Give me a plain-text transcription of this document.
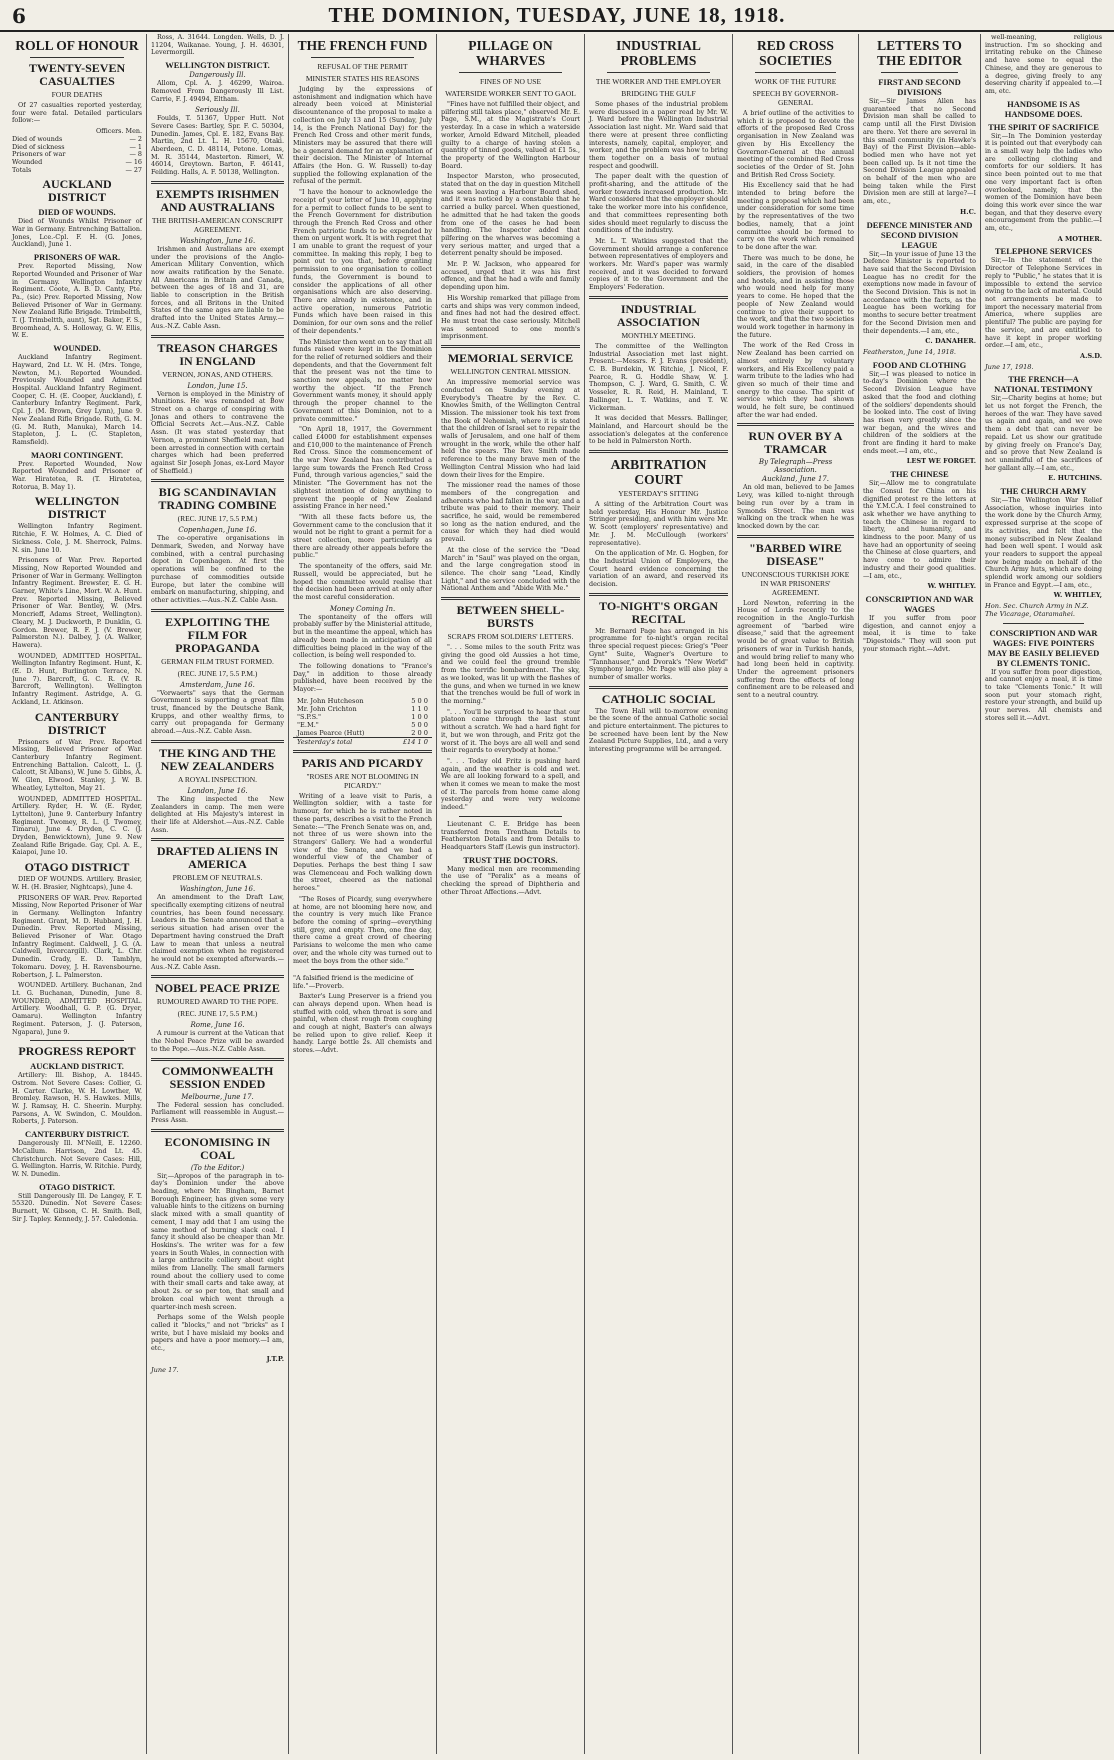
6	THE DOMINION, TUESDAY, JUNE 18, 1918.
ROLL OF HONOUR
TWENTY-SEVEN CASUALTIES
FOUR DEATHS

Of 27 casualties reported yesterday, four were fatal. Detailed particulars follow:—

Officers. Men.
Died of wounds	— 2
Died of sickness	— 1
Prisoners of war	— 8
Wounded	— 16
Totals	— 27
AUCKLAND DISTRICT
DIED OF WOUNDS.

Died of Wounds Whilst Prisoner of War in Germany. Entrenching Battalion. Jones, Lce.-Cpl. F. H. (G. Jones, Auckland), June 1.

PRISONERS OF WAR.

Prev. Reported Missing, Now Reported Wounded and Prisoner of War in Germany. Wellington Infantry Regiment. Coote, A. B. D. Canty, Pte. Pa., (sic) Prev. Reported Missing, Now Believed Prisoner of War in Germany. New Zealand Rifle Brigade. Trimbeltth, T. (J. Trimbeltth, aunt), Sgt. Baker, F. S., Broomhead, A. S. Holloway, G. W. Ellis, W. E.

WOUNDED.

Auckland Infantry Regiment. Hayward, 2nd Lt. W. H. (Mrs. Tonge, Newton, M.). Reported Wounded. Previously Wounded and Admitted Hospital. Auckland Infantry Regiment. Cooper, C. H. (E. Cooper, Auckland), f. Canterbury Infantry Regiment. Park, Cpl. J. (M. Brown, Grey Lynn), June 9. New Zealand Rifle Brigade. Ruth, G. M. (G. M. Ruth, Manuka), March 14. Stapleton, J. L. (C. Stapleton, Ramsfield).

MAORI CONTINGENT.

Prev. Reported Wounded, Now Reported Wounded and Prisoner of War. Hiratetea, R. (T. Hiratetea, Rotorua, B. May 1).

WELLINGTON DISTRICT

Wellington Infantry Regiment. Ritchie, F. W. Holmes, A. C. Died of Sickness. Cole, J. M. Sherrock, Palms. N. sin. June 10.

Prisoners of War. Prev. Reported Missing, Now Reported Wounded and Prisoner of War in Germany. Wellington Infantry Regiment. Brewster, E. G. H. Garner, White's Line, Mort. W. A. Hunt. Prev. Reported Missing, Believed Prisoner of War. Bentley, W. (Mrs. Moncrieff, Adams Street, Wellington). Cleary, M. J. Duckworth, P. Dunklin, G. Gordon. Brewer, R. F. J. (V. Brewer, Palmerston N.). Dalbey, J. (A. Walker, Hawera).

WOUNDED, ADMITTED HOSPITAL. Wellington Infantry Regiment. Hunt, K. (E. D. Hunt, Burlington Terrace, N. June 7). Barcroft, G. C. R. (V. R. Barcroft, Wellington). Wellington Infantry Regiment. Astridge, A. G. Ackland, Lt. Atkinson.

CANTERBURY DISTRICT

Prisoners of War. Prev. Reported Missing, Believed Prisoner of War. Canterbury Infantry Regiment. Entrenching Battalion. Calcott, L. (J. Calcott, St Albans), W. June 5. Gibbs, A. W. Glen, Elwood. Stanley, J. W. B. Wheatley, Lyttelton, May 21.

WOUNDED, ADMITTED HOSPITAL. Artillery. Ryder, H. W. (E. Ryder, Lyttelton), June 9. Canterbury Infantry Regiment. Twomey, R. L. (J. Twomey, Timaru), June 4. Dryden, C. C. (J. Dryden, Benwicktown), June 9. New Zealand Rifle Brigade. Gay, Cpl. A. E., Kaiapoi, June 10.

OTAGO DISTRICT

DIED OF WOUNDS. Artillery. Brasier, W. H. (H. Brasier, Nightcaps), June 4.

PRISONERS OF WAR. Prev. Reported Missing, Now Reported Prisoner of War in Germany. Wellington Infantry Regiment. Grant, M. D. Hubbard, J. H. Dunedin. Prev. Reported Missing, Believed Prisoner of War. Otago Infantry Regiment. Caldwell, J. G. (A. Caldwell, Invercargill). Clark, L. Chr. Dunedin. Crady, E. D. Tamblyn, Tokomaru. Dovey, J. H. Ravensbourne. Robertson, J. L. Palmerston.

WOUNDED. Artillery. Buchanan, 2nd Lt. G. Buchanan, Dunedin, June 8. WOUNDED, ADMITTED HOSPITAL. Artillery. Woodhall, G. P. (G. Dryer, Oamaru). Wellington Infantry Regiment. Paterson, J. (J. Paterson, Ngapara), June 9.

PROGRESS REPORT
AUCKLAND DISTRICT.

Artillery: Ill. Bishop, A. 18445. Ostrom. Not Severe Cases: Collier, G. H. Carter. Clarke, W. H. Lowther, W. Bromley. Rawson, H. S. Hawkes. Mills, W. J. Ramsay, H. C. Sheerin. Murphy. Parsons, A. W. Swindon, C. Mouldon. Roberts, J. Paterson.

CANTERBURY DISTRICT.

Dangerously Ill. M'Neill, E. 12260. McCallum. Harrison, 2nd Lt. 45. Christchurch. Not Severe Cases: Hill, G. Wellington. Harris, W. Ritchie. Purdy, W. N. Dunedin.

OTAGO DISTRICT.

Still Dangerously Ill. De Langey, F. T. 55320. Dunedin. Not Severe Cases: Burnett, W. Gibson, C. H. Smith. Bell, Sir J. Tapley. Kennedy, J. 57. Caledonia.

Ross, A. 31644. Longden. Wells, D. J. 11204, Waikanae. Young, J. H. 46301, Levermorgill.

WELLINGTON DISTRICT.
Dangerously Ill.

Allom, Cpl. A. J. 46299, Wairoa. Removed From Dangerously Ill List. Carrie, F. J. 49494, Eltham.

Seriously Ill.

Foulds, T. 51367, Upper Hutt. Not Severe Cases: Bartley, Spr. F. C. 50304, Dunedin. James, Cpl. E. 182, Evans Bay. Martin, 2nd Lt. L. H. 15670, Otaki. Aberdeen, C. D. 48114, Petone. Lomas, M. R. 35144, Masterton. Rimeri, W. 46014, Greytown. Barton, F. 46141, Feilding. Halls, A. F. 50138, Wellington.

EXEMPTS IRISHMEN AND AUSTRALIANS
THE BRITISH-AMERICAN CONSCRIPT AGREEMENT.
Washington, June 16.

Irishmen and Australians are exempt under the provisions of the Anglo-American Military Convention, which now awaits ratification by the Senate. All Americans in Britain and Canada, between the ages of 18 and 31, are liable to conscription in the British forces, and all Britons in the United States of the same ages are liable to be drafted into the United States Army.—Aus.-N.Z. Cable Assn.

TREASON CHARGES IN ENGLAND
VERNON, JONAS, AND OTHERS.
London, June 15.

Vernon is employed in the Ministry of Munitions. He was remanded at Bow Street on a charge of conspiring with Jonas and others to contravene the Official Secrets Act.—Aus.-N.Z. Cable Assn. (It was stated yesterday that Vernon, a prominent Sheffield man, had been arrested in connection with certain charges which had been preferred against Sir Joseph Jonas, ex-Lord Mayor of Sheffield.)

BIG SCANDINAVIAN TRADING COMBINE
(REC. JUNE 17, 5.5 P.M.)
Copenhagen, June 16.

The co-operative organisations in Denmark, Sweden, and Norway have combined, with a central purchasing depot in Copenhagen. At first the operations will be confined to the purchase of commodities outside Europe, but later the combine will embark on manufacturing, shipping, and other activities.—Aus.-N.Z. Cable Assn.

EXPLOITING THE FILM FOR PROPAGANDA
GERMAN FILM TRUST FORMED.
(REC. JUNE 17, 5.5 P.M.)
Amsterdam, June 16.

"Vorwaerts" says that the German Government is supporting a great film trust, financed by the Deutsche Bank, Krupps, and other wealthy firms, to carry out propaganda for Germany abroad.—Aus.-N.Z. Cable Assn.

THE KING AND THE NEW ZEALANDERS
A ROYAL INSPECTION.
London, June 16.

The King inspected the New Zealanders in camp. The men were delighted at His Majesty's interest in their life at Aldershot.—Aus.-N.Z. Cable Assn.

DRAFTED ALIENS IN AMERICA
PROBLEM OF NEUTRALS.
Washington, June 16.

An amendment to the Draft Law, specifically exempting citizens of neutral countries, has been found necessary. Leaders in the Senate announced that a serious situation had arisen over the Department having construed the Draft Law to mean that unless a neutral claimed exemption when he registered he would not be exempted afterwards.—Aus.-N.Z. Cable Assn.

NOBEL PEACE PRIZE
RUMOURED AWARD TO THE POPE.
(REC. JUNE 17, 5.5 P.M.)
Rome, June 16.

A rumour is current at the Vatican that the Nobel Peace Prize will be awarded to the Pope.—Aus.-N.Z. Cable Assn.

COMMONWEALTH SESSION ENDED
Melbourne, June 17.

The Federal session has concluded. Parliament will reassemble in August.—Press Assn.

ECONOMISING IN COAL
(To the Editor.)

Sir,—Apropos of the paragraph in to-day's Dominion under the above heading, where Mr. Bingham, Barnet Borough Engineer, has given some very valuable hints to the citizens on burning slack mixed with a small quantity of cement, I may add that I am using the same method of burning slack coal. I fancy it should also be cheaper than Mr. Hoskins's. The writer was for a few years in South Wales, in connection with a large anthracite colliery about eight miles from Llanelly. The small farmers round about the colliery used to come with their small carts and take away, at about 2s. or so per ton, that small and broken coal which went through a quarter-inch mesh screen.

Perhaps some of the Welsh people called it "blocks," and not "bricks" as I write, but I have mislaid my books and papers and have a poor memory.—I am, etc.,

J.T.P.

June 17.

THE FRENCH FUND
REFUSAL OF THE PERMIT
MINISTER STATES HIS REASONS

Judging by the expressions of astonishment and indignation which have already been voiced at Ministerial discountenance of the proposal to make a collection on July 13 and 15 (Sunday, July 14, is the French National Day) for the French Red Cross and other merit funds, Ministers may be assured that there will be a general demand for an explanation of their decision. The Minister of Internal Affairs (the Hon. G. W. Russell) to-day supplied the following explanation of the refusal of the permit.

"I have the honour to acknowledge the receipt of your letter of June 10, applying for a permit to collect funds to be sent to the French Government for distribution through the French Red Cross and other French patriotic funds to be expended by them on urgent work. It is with regret that I am unable to grant the request of your committee. In making this reply, I beg to point out to you that, before granting permission to one organisation to collect funds, the Government is bound to consider the applications of all other organisations which are also deserving. There are already in existence, and in active operation, numerous Patriotic Funds which have been raised in this Dominion, for our own sons and the relief of their dependents."

The Minister then went on to say that all funds raised were kept in the Dominion for the relief of returned soldiers and their dependents, and that the Government felt that the present was not the time to sanction new appeals, no matter how worthy the object. "If the French Government wants money, it should apply through the proper channel to the Government of this Dominion, not to a private committee."

"On April 18, 1917, the Government called £4000 for establishment expenses and £10,000 to the maintenance of French Red Cross. Since the commencement of the war New Zealand has contributed a large sum towards the French Red Cross Fund, through various agencies," said the Minister. "The Government has not the slightest intention of doing anything to prevent the people of New Zealand assisting France in her need."

"With all these facts before us, the Government came to the conclusion that it would not be right to grant a permit for a street collection, more particularly as there are already other appeals before the public."

The spontaneity of the offers, said Mr. Russell, would be appreciated, but he hoped the committee would realise that the decision had been arrived at only after the most careful consideration.

Money Coming In.

The spontaneity of the offers will probably suffer by the Ministerial attitude, but in the meantime the appeal, which has already been made in anticipation of all difficulties being placed in the way of the collection, is being well responded to.

The following donations to "France's Day," in addition to those already published, have been received by the Mayor:—

Mr. John Hutcheson	5 0 0
Mr. John Crichton	1 1 0
"S.P.S."	1 0 0
"E.M."	5 0 0
James Pearce (Hutt)	2 0 0
Yesterday's total	£14 1 0
PARIS AND PICARDY
"ROSES ARE NOT BLOOMING IN PICARDY."

Writing of a leave visit to Paris, a Wellington soldier, with a taste for humour, for which he is rather noted in these parts, describes a visit to the French Senate:—"The French Senate was on, and, not three of us were shown into the Strangers' Gallery. We had a wonderful view of the Senate, and we had a wonderful view of the Chamber of Deputies. Perhaps the best thing I saw was Clemenceau and Foch walking down the street, cheered as the national heroes."

"The Roses of Picardy, sung everywhere at home, are not blooming here now, and the country is very much like France before the coming of spring—everything still, grey, and empty. Then, one fine day, there came a great crowd of cheering Parisians to welcome the men who came over, and the whole city was turned out to meet the boys from the other side."

"A falsified friend is the medicine of life."—Proverb.

Baxter's Lung Preserver is a friend you can always depend upon. When head is stuffed with cold, when throat is sore and painful, when chest rough from coughing and cough at night, Baxter's can always be relied upon to give relief. Keep it handy. Large bottle 2s. All chemists and stores.—Advt.

PILLAGE ON WHARVES
FINES OF NO USE
WATERSIDE WORKER SENT TO GAOL

"Fines have not fulfilled their object, and pilfering still takes place," observed Mr. E. Page, S.M., at the Magistrate's Court yesterday. In a case in which a waterside worker, Arnold Edward Mitchell, pleaded guilty to a charge of having stolen a quantity of tinned goods, valued at £1 5s., the property of the Wellington Harbour Board.

Inspector Marston, who prosecuted, stated that on the day in question Mitchell was seen leaving a Harbour Board shed, and it was noticed by a constable that he carried a bulky parcel. When questioned, he admitted that he had taken the goods from one of the cases he had been handling. The Inspector added that pilfering on the wharves was becoming a very serious matter, and urged that a deterrent penalty should be imposed.

Mr. P. W. Jackson, who appeared for accused, urged that it was his first offence, and that he had a wife and family depending upon him.

His Worship remarked that pillage from carts and ships was very common indeed, and fines had not had the desired effect. He must treat the case seriously. Mitchell was sentenced to one month's imprisonment.

MEMORIAL SERVICE
WELLINGTON CENTRAL MISSION.

An impressive memorial service was conducted on Sunday evening at Everybody's Theatre by the Rev. C. Knowles Smith, of the Wellington Central Mission. The missioner took his text from the Book of Nehemiah, where it is stated that the children of Israel set to repair the walls of Jerusalem, and one half of them wrought in the work, while the other half held the spears. The Rev. Smith made reference to the many brave men of the Wellington Central Mission who had laid down their lives for the Empire.

The missioner read the names of those members of the congregation and adherents who had fallen in the war, and a tribute was paid to their memory. Their sacrifice, he said, would be remembered so long as the nation endured, and the cause for which they had died would prevail.

At the close of the service the "Dead March" in "Saul" was played on the organ, and the large congregation stood in silence. The choir sang "Lead, Kindly Light," and the service concluded with the National Anthem and "Abide With Me."

BETWEEN SHELL-BURSTS
SCRAPS FROM SOLDIERS' LETTERS.

". . . Some miles to the south Fritz was giving the good old Aussies a hot time, and we could feel the ground tremble from the terrific bombardment. The sky, as we looked, was lit up with the flashes of the guns, and when we turned in we knew that the trenches would be full of work in the morning."

". . . You'll be surprised to hear that our platoon came through the last stunt without a scratch. We had a hard fight for it, but we won through, and Fritz got the worst of it. The boys are all well and send their regards to everybody at home."

". . . Today old Fritz is pushing hard again, and the weather is cold and wet. We are all looking forward to a spell, and when it comes we mean to make the most of it. The parcels from home came along yesterday and were very welcome indeed."

Lieutenant C. E. Bridge has been transferred from Trentham Details to Featherston Details and from Details to Headquarters Staff (Lewis gun instructor).

TRUST THE DOCTORS.

Many medical men are recommending the use of "Peralix" as a means of checking the spread of Diphtheria and other Throat Affections.—Advt.

INDUSTRIAL PROBLEMS
THE WORKER AND THE EMPLOYER
BRIDGING THE GULF

Some phases of the industrial problem were discussed in a paper read by Mr. W. J. Ward before the Wellington Industrial Association last night. Mr. Ward said that there were at present three conflicting interests, namely, capital, employer, and worker, and the problem was how to bring them together on a basis of mutual respect and goodwill.

The paper dealt with the question of profit-sharing, and the attitude of the worker towards increased production. Mr. Ward considered that the employer should take the worker more into his confidence, and that committees representing both sides should meet regularly to discuss the conditions of the industry.

Mr. L. T. Watkins suggested that the Government should arrange a conference between representatives of employers and workers. Mr. Ward's paper was warmly received, and it was decided to forward copies of it to the Government and the Employers' Federation.

INDUSTRIAL ASSOCIATION
MONTHLY MEETING.

The committee of the Wellington Industrial Association met last night. Present:—Messrs. F. J. Evans (president), C. B. Burdekin, W. Ritchie, J. Nicol, F. Pearce, R. G. Hoddle Shaw, W. J. Thompson, C. J. Ward, G. Smith, C. W. Vosseler, R. R. Reid, H. Mainland, T. Ballinger, L. T. Watkins, and T. W. Vickerman.

It was decided that Messrs. Ballinger, Mainland, and Harcourt should be the association's delegates at the conference to be held in Palmerston North.

ARBITRATION COURT
YESTERDAY'S SITTING

A sitting of the Arbitration Court was held yesterday, His Honour Mr. Justice Stringer presiding, and with him were Mr. W. Scott (employers' representative) and Mr. J. M. McCullough (workers' representative).

On the application of Mr. G. Hogben, for the Industrial Union of Employers, the Court heard evidence concerning the variation of an award, and reserved its decision.

TO-NIGHT'S ORGAN RECITAL

Mr. Bernard Page has arranged in his programme for to-night's organ recital three special request pieces: Grieg's "Peer Gynt" Suite, Wagner's Overture to "Tannhauser," and Dvorak's "New World" Symphony largo. Mr. Page will also play a number of smaller works.

CATHOLIC SOCIAL

The Town Hall will to-morrow evening be the scene of the annual Catholic social and picture entertainment. The pictures to be screened have been lent by the New Zealand Picture Supplies, Ltd., and a very interesting programme will be arranged.

RED CROSS SOCIETIES
WORK OF THE FUTURE
SPEECH BY GOVERNOR-GENERAL

A brief outline of the activities to which it is proposed to devote the efforts of the proposed Red Cross organisation in New Zealand was given by His Excellency the Governor-General at the annual meeting of the combined Red Cross societies of the Order of St. John and British Red Cross Society.

His Excellency said that he had intended to bring before the meeting a proposal which had been under consideration for some time by the representatives of the two bodies, namely, that a joint committee should be formed to carry on the work which remained to be done after the war.

There was much to be done, he said, in the care of the disabled soldiers, the provision of homes and hostels, and in assisting those who would need help for many years to come. He hoped that the people of New Zealand would continue to give their support to the work, and that the two societies would work together in harmony in the future.

The work of the Red Cross in New Zealand has been carried on almost entirely by voluntary workers, and His Excellency paid a warm tribute to the ladies who had given so much of their time and energy to the cause. The spirit of service which they had shown would, he felt sure, be continued after the war had ended.

RUN OVER BY A TRAMCAR
By Telegraph—Press Association.
Auckland, June 17.

An old man, believed to be James Levy, was killed to-night through being run over by a tram in Symonds Street. The man was walking on the track when he was knocked down by the car.

"BARBED WIRE DISEASE"
UNCONSCIOUS TURKISH JOKE IN WAR PRISONERS' AGREEMENT.

Lord Newton, referring in the House of Lords recently to the recognition in the Anglo-Turkish agreement of "barbed wire disease," said that the agreement would be of great value to British prisoners of war in Turkish hands, and would bring relief to many who had long been held in captivity. Under the agreement prisoners suffering from the effects of long confinement are to be released and sent to a neutral country.

LETTERS TO THE EDITOR
FIRST AND SECOND DIVISIONS

Sir,—Sir James Allen has guaranteed that no Second Division man shall be called to camp until all the First Division are there. Yet there are several in this small community (in Hawke's Bay) of the First Division—able-bodied men who have not yet been called up. Is it not time the Second Division League appealed on behalf of the men who are being taken while the First Division men are still at large?—I am, etc.,

H.C.

DEFENCE MINISTER AND SECOND DIVISION LEAGUE

Sir,—In your issue of June 13 the Defence Minister is reported to have said that the Second Division League has no credit for the exemptions now made in favour of the Second Division. This is not in accordance with the facts, as the League has been working for months to secure better treatment for the Second Division men and their dependents.—I am, etc.,

C. DANAHER.

Featherston, June 14, 1918.

FOOD AND CLOTHING

Sir,—I was pleased to notice in to-day's Dominion where the Second Division League have asked that the food and clothing of the soldiers' dependents should be looked into. The cost of living has risen very greatly since the war began, and the wives and children of the soldiers at the front are finding it hard to make ends meet.—I am, etc.,

LEST WE FORGET.

THE CHINESE

Sir,—Allow me to congratulate the Consul for China on his dignified protest re the letters at the Y.M.C.A. I feel constrained to ask whether we have anything to teach the Chinese in regard to liberty, and humanity, and kindness to the poor. Many of us have had an opportunity of seeing the Chinese at close quarters, and have come to admire their industry and their good qualities.—I am, etc.,

W. WHITLEY.

CONSCRIPTION AND WAR WAGES

If you suffer from poor digestion, and cannot enjoy a meal, it is time to take "Digestoids." They will soon put your stomach right.—Advt.

well-meaning, religious instruction. I'm so shocking and irritating rebuke on the Chinese and have some to equal the Chinese, and they are generous to a degree, giving freely to any deserving charity if appealed to.—I am, etc.

HANDSOME IS AS HANDSOME DOES.
THE SPIRIT OF SACRIFICE

Sir,—In The Dominion yesterday it is pointed out that everybody can in a small way help the ladies who are collecting clothing and comforts for our soldiers. It has since been pointed out to me that one very important fact is often overlooked, namely, that the women of the Dominion have been doing this work ever since the war began, and that they deserve every encouragement from the public.—I am, etc.,

A MOTHER.

TELEPHONE SERVICES

Sir,—In the statement of the Director of Telephone Services in reply to "Public," he states that it is impossible to extend the service owing to the lack of material. Could not arrangements be made to import the necessary material from America, where supplies are plentiful? The public are paying for the service, and are entitled to have it kept in proper working order.—I am, etc.,

A.S.D.

June 17, 1918.

THE FRENCH—A NATIONAL TESTIMONY

Sir,—Charity begins at home; but let us not forget the French, the heroes of the war. They have saved us again and again, and we owe them a debt that can never be repaid. Let us show our gratitude by giving freely on France's Day, and so prove that New Zealand is not unmindful of the sacrifices of her gallant ally.—I am, etc.,

E. HUTCHINS.

THE CHURCH ARMY

Sir,—The Wellington War Relief Association, whose inquiries into the work done by the Church Army, expressed surprise at the scope of its activities, and felt that the money subscribed in New Zealand had been well spent. I would ask your readers to support the appeal now being made on behalf of the Church Army huts, which are doing splendid work among our soldiers in France and Egypt.—I am, etc.,

W. WHITLEY,

Hon. Sec. Church Army in N.Z. The Vicarage, Otaramahei.

CONSCRIPTION AND WAR WAGES: FIVE POINTERS MAY BE EASILY BELIEVED BY CLEMENTS TONIC.

If you suffer from poor digestion, and cannot enjoy a meal, it is time to take "Clements Tonic." It will soon put your stomach right, restore your strength, and build up your nerves. All chemists and stores sell it.—Advt.
